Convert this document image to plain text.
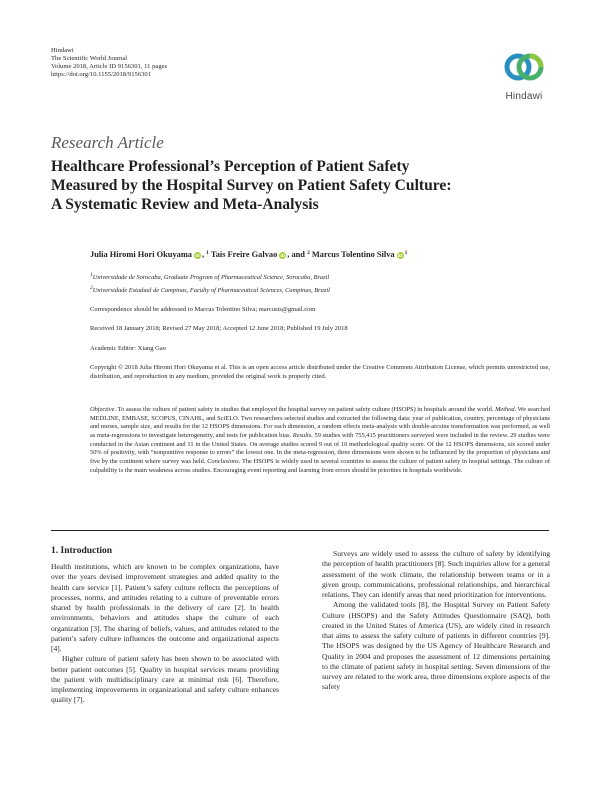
Hindawi
The Scientific World Journal
Volume 2018, Article ID 9156301, 11 pages
https://doi.org/10.1155/2018/9156301
Hindawi
Research Article
Healthcare Professional’s Perception of Patient Safety
Measured by the Hospital Survey on Patient Safety Culture:
A Systematic Review and Meta-Analysis
Julia Hiromi Hori Okuyama iD , $^1$ Tais Freire Galvao iD , and $^2$ Marcus Tolentino Silva iD $^1$
1Universidade de Sorocaba, Graduate Program of Pharmaceutical Science, Sorocaba, Brazil
2Universidade Estadual de Campinas, Faculty of Pharmaceutical Sciences, Campinas, Brazil
Correspondence should be addressed to Marcus Tolentino Silva; marcusts@gmail.com
Received 18 January 2018; Revised 27 May 2018; Accepted 12 June 2018; Published 19 July 2018
Academic Editor: Xiang Gao
Copyright © 2018 Julia Hiromi Hori Okuyama et al. This is an open access article distributed under the Creative Commons Attribution License, which permits unrestricted use, distribution, and reproduction in any medium, provided the original work is properly cited.
Objective. To assess the culture of patient safety in studies that employed the hospital survey on patient safety culture (HSOPS) in hospitals around the world. Method. We searched MEDLINE, EMBASE, SCOPUS, CINAHL, and SciELO. Two researchers selected studies and extracted the following data: year of publication, country, percentage of physicians and nurses, sample size, and results for the 12 HSOPS dimensions. For each dimension, a random effects meta-analysis with double-arcsine transformation was performed, as well as meta-regressions to investigate heterogeneity, and tests for publication bias. Results. 59 studies with 755,415 practitioners surveyed were included in the review. 29 studies were conducted in the Asian continent and 11 in the United States. On average studies scored 9 out of 10 methodological quality score. Of the 12 HSOPS dimensions, six scored under 50% of positivity, with “nonpunitive response to errors” the lowest one. In the meta-regression, three dimensions were shown to be influenced by the proportion of physicians and five by the continent where survey was held. Conclusions. The HSOPS is widely used in several countries to assess the culture of patient safety in hospital settings. The culture of culpability is the main weakness across studies. Encouraging event reporting and learning from errors should be priorities in hospitals worldwide.
1. Introduction

Health institutions, which are known to be complex organizations, have over the years devised improvement strategies and added quality to the health care service [1]. Patient’s safety culture reflects the perceptions of processes, norms, and attitudes relating to a culture of preventable errors shared by health professionals in the delivery of care [2]. In health environments, behaviors and attitudes shape the culture of each organization [3]. The sharing of beliefs, values, and attitudes related to the patient’s safety culture influences the outcome and organizational aspects [4].

Higher culture of patient safety has been shown to be associated with better patient outcomes [5]. Quality in hospital services means providing the patient with multidisciplinary care at minimal risk [6]. Therefore, implementing improvements in organizational and safety culture enhances quality [7].

Surveys are widely used to assess the culture of safety by identifying the perception of health practitioners [8]. Such inquiries allow for a general assessment of the work climate, the relationship between teams or in a given group, communications, professional relationships, and hierarchical relations. They can identify areas that need prioritization for interventions.

Among the validated tools [8], the Hospital Survey on Patient Safety Culture (HSOPS) and the Safety Attitudes Questionnaire (SAQ), both created in the United States of America (US), are widely cited in research that aims to assess the safety culture of patients in different countries [9]. The HSOPS was designed by the US Agency of Healthcare Research and Quality in 2004 and proposes the assessment of 12 dimensions pertaining to the climate of patient safety in hospital setting. Seven dimensions of the survey are related to the work area, three dimensions explore aspects of the safety
